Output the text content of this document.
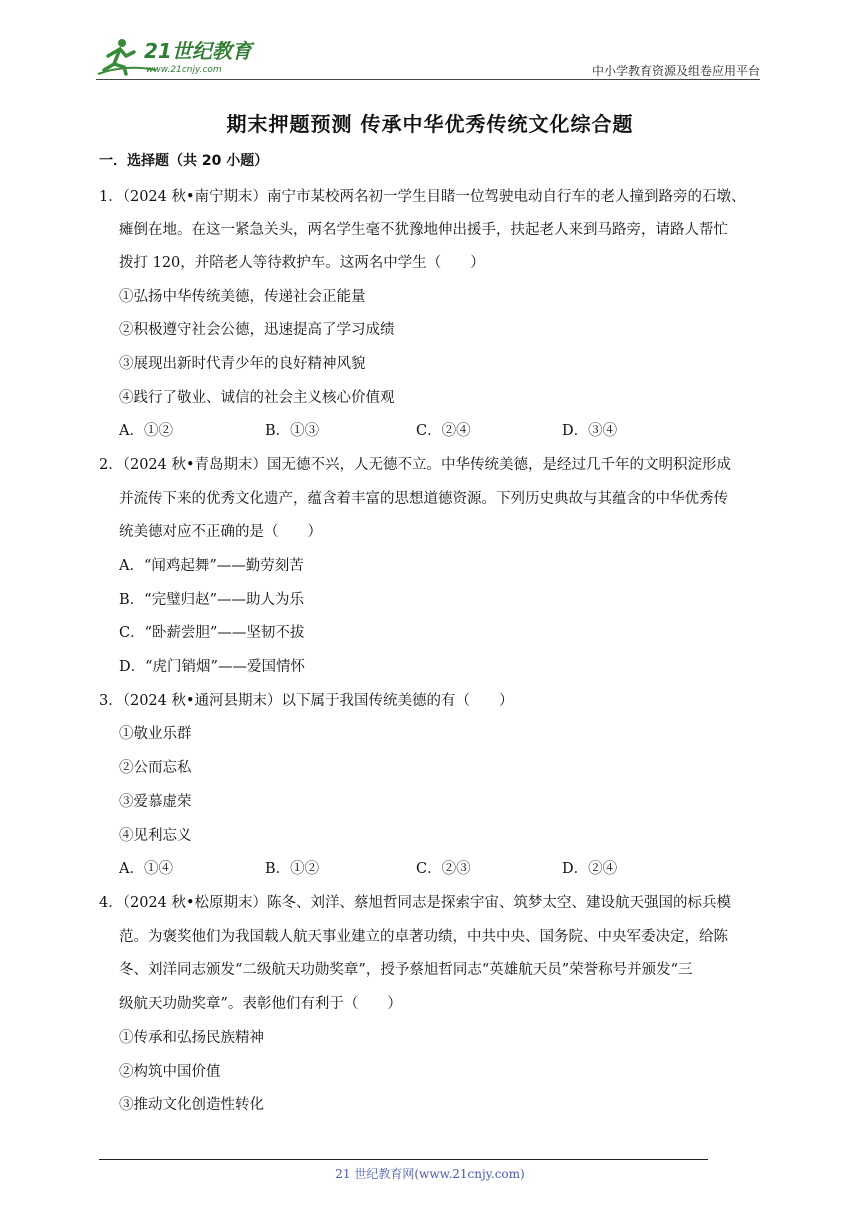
21世纪教育
www.21cnjy.com	中小学教育资源及组卷应用平台
期末押题预测 传承中华优秀传统文化综合题
一．选择题（共 20 小题）
1．（2024 秋•南宁期末）南宁市某校两名初一学生目睹一位驾驶电动自行车的老人撞到路旁的石墩、
瘫倒在地。在这一紧急关头，两名学生毫不犹豫地伸出援手，扶起老人来到马路旁，请路人帮忙
拨打 120，并陪老人等待救护车。这两名中学生（　　）
①弘扬中华传统美德，传递社会正能量
②积极遵守社会公德，迅速提高了学习成绩
③展现出新时代青少年的良好精神风貌
④践行了敬业、诚信的社会主义核心价值观
A．①②	B．①③	C．②④	D．③④
2．（2024 秋•青岛期末）国无德不兴，人无德不立。中华传统美德，是经过几千年的文明积淀形成
并流传下来的优秀文化遗产，蕴含着丰富的思想道德资源。下列历史典故与其蕴含的中华优秀传
统美德对应不正确的是（　　）
A．“闻鸡起舞”——勤劳刻苦
B．“完璧归赵”——助人为乐
C．“卧薪尝胆”——坚韧不拔
D．“虎门销烟”——爱国情怀
3．（2024 秋•通河县期末）以下属于我国传统美德的有（　　）
①敬业乐群
②公而忘私
③爱慕虚荣
④见利忘义
A．①④	B．①②	C．②③	D．②④
4．（2024 秋•松原期末）陈冬、刘洋、蔡旭哲同志是探索宇宙、筑梦太空、建设航天强国的标兵模
范。为褒奖他们为我国载人航天事业建立的卓著功绩，中共中央、国务院、中央军委决定，给陈
冬、刘洋同志颁发“二级航天功勋奖章”，授予蔡旭哲同志“英雄航天员”荣誉称号并颁发“三
级航天功勋奖章”。表彰他们有利于（　　）
①传承和弘扬民族精神
②构筑中国价值
③推动文化创造性转化
21 世纪教育网(www.21cnjy.com)
